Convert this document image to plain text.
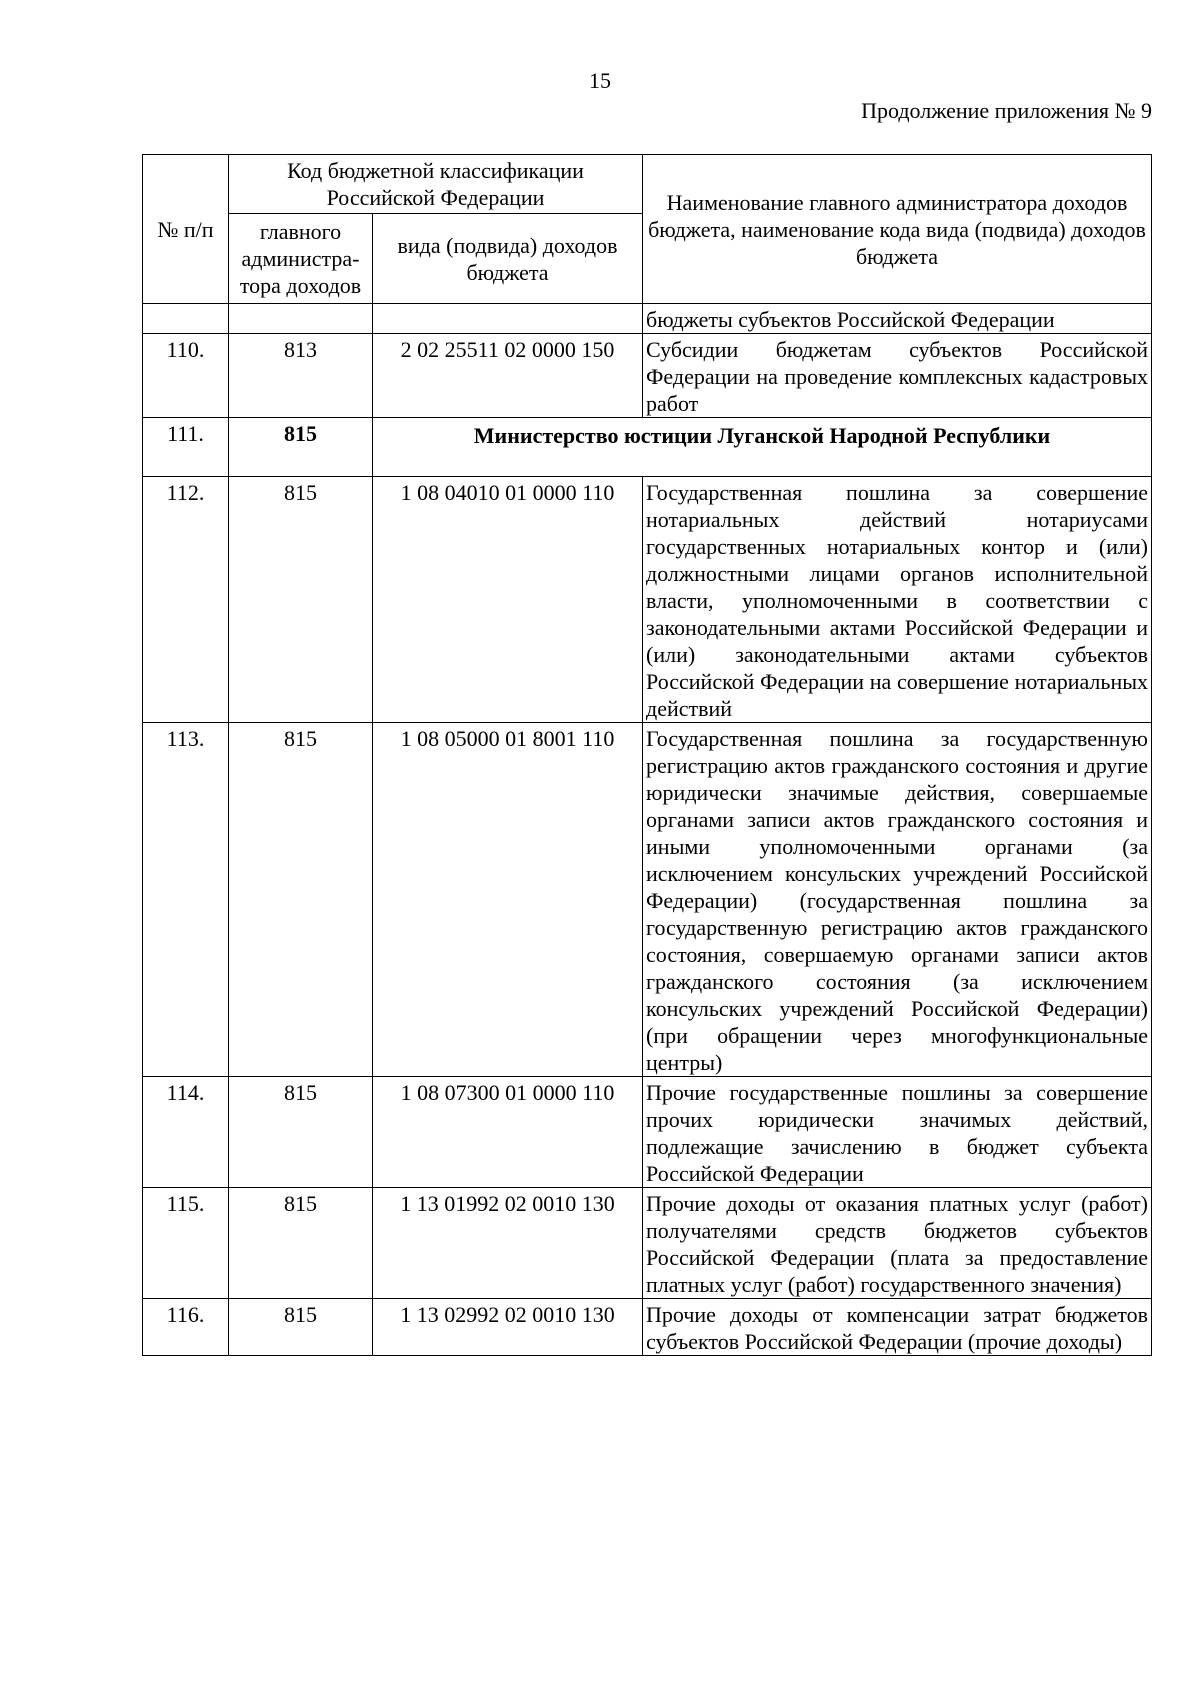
15
Продолжение приложения № 9
№ п/п	Код бюджетной классификации Российской Федерации		Наименование главного администратора доходов бюджета, наименование кода вида (подвида) доходов бюджета
	главного администра-тора доходов	вида (подвида) доходов бюджета	
			бюджеты субъектов Российской Федерации
110.	813	2 02 25511 02 0000 150	Субсидии бюджетам субъектов Российской Федерации на проведение комплексных кадастровых работ
111.	815	Министерство юстиции Луганской Народной Республики	
112.	815	1 08 04010 01 0000 110	Государственная пошлина за совершение нотариальных действий нотариусами государственных нотариальных контор и (или) должностными лицами органов исполнительной власти, уполномоченными в соответствии с законодательными актами Российской Федерации и (или) законодательными актами субъектов Российской Федерации на совершение нотариальных действий
113.	815	1 08 05000 01 8001 110	Государственная пошлина за государственную регистрацию актов гражданского состояния и другие юридически значимые действия, совершаемые органами записи актов гражданского состояния и иными уполномоченными органами (за исключением консульских учреждений Российской Федерации) (государственная пошлина за государственную регистрацию актов гражданского состояния, совершаемую органами записи актов гражданского состояния (за исключением консульских учреждений Российской Федерации) (при обращении через многофункциональные центры)
114.	815	1 08 07300 01 0000 110	Прочие государственные пошлины за совершение прочих юридически значимых действий, подлежащие зачислению в бюджет субъекта Российской Федерации
115.	815	1 13 01992 02 0010 130	Прочие доходы от оказания платных услуг (работ) получателями средств бюджетов субъектов Российской Федерации (плата за предоставление платных услуг (работ) государственного значения)
116.	815	1 13 02992 02 0010 130	Прочие доходы от компенсации затрат бюджетов субъектов Российской Федерации (прочие доходы)
